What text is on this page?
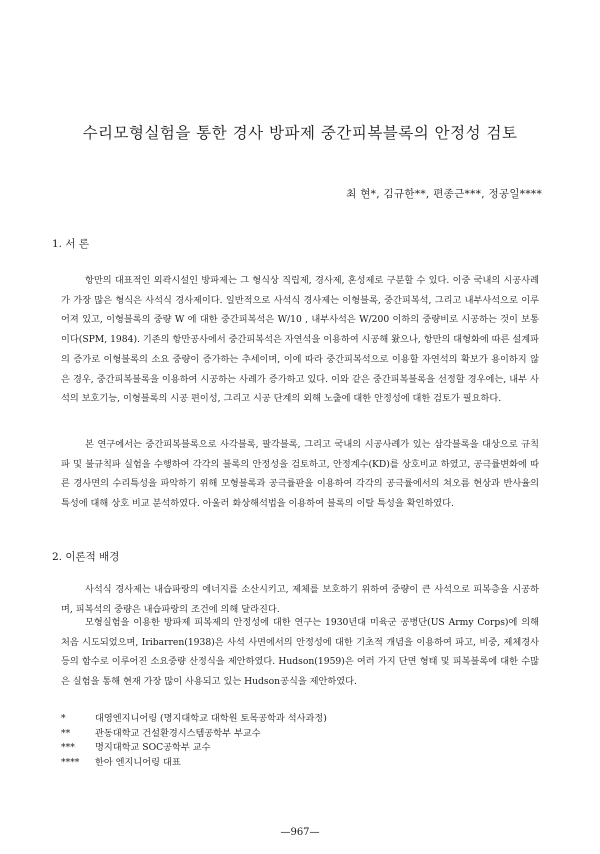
수리모형실험을 통한 경사 방파제 중간피복블록의 안정성 검토
최 현*, 김규한**, 편종근***, 정공일****
1. 서 론

항만의 대표적인 외곽시설인 방파제는 그 형식상 직립제, 경사제, 혼성제로 구분할 수 있다. 이중 국내의 시공사례가 가장 많은 형식은 사석식 경사제이다. 일반적으로 사석식 경사제는 이형블록, 중간피복석, 그리고 내부사석으로 이루어져 있고, 이형블록의 중량 W 에 대한 중간피복석은 W/10 , 내부사석은 W/200 이하의 중량비로 시공하는 것이 보통이다(SPM, 1984). 기존의 항만공사에서 중간피복석은 자연석을 이용하여 시공해 왔으나, 항만의 대형화에 따른 설계파의 증가로 이형블록의 소요 중량이 증가하는 추세이며, 이에 따라 중간피복석으로 이용할 자연석의 확보가 용이하지 않은 경우, 중간피복블록을 이용하여 시공하는 사례가 증가하고 있다. 이와 같은 중간피복블록을 선정할 경우에는, 내부 사석의 보호기능, 이형블록의 시공 편이성, 그리고 시공 단계의 외해 노출에 대한 안정성에 대한 검토가 필요하다.

본 연구에서는 중간피복블록으로 사각블록, 팔각블록, 그리고 국내의 시공사례가 있는 삼각블록을 대상으로 규칙파 및 불규칙파 실험을 수행하여 각각의 블록의 안정성을 검토하고, 안정계수(KD)를 상호비교 하였고, 공극률변화에 따른 경사면의 수리특성을 파악하기 위해 모형블록과 공극률판을 이용하여 각각의 공극률에서의 쳐오름 현상과 반사율의 특성에 대해 상호 비교 분석하였다. 아울러 화상해석법을 이용하여 블록의 이탈 특성을 확인하였다.

2. 이론적 배경

사석식 경사제는 내습파랑의 에너지를 소산시키고, 제체를 보호하기 위하여 중량이 큰 사석으로 피복층을 시공하며, 피복석의 중량은 내습파랑의 조건에 의해 달라진다.

모형실험을 이용한 방파제 피복제의 안정성에 대한 연구는 1930년대 미육군 공병단(US Army Corps)에 의해 처음 시도되었으며, Iribarren(1938)은 사석 사면에서의 안정성에 대한 기초적 개념을 이용하여 파고, 비중, 제체경사 등의 함수로 이루어진 소요중량 산정식을 제안하였다. Hudson(1959)은 여러 가지 단면 형태 및 피복블록에 대한 수많은 실험을 통해 현재 가장 많이 사용되고 있는 Hudson공식을 제안하였다.

*	대영엔지니어링 (명지대학교 대학원 토목공학과 석사과정)
**	관동대학교 건설환경시스템공학부 부교수
*** 명지대학교 SOC공학부 교수
**** 한아 엔지니어링 대표
—967—
